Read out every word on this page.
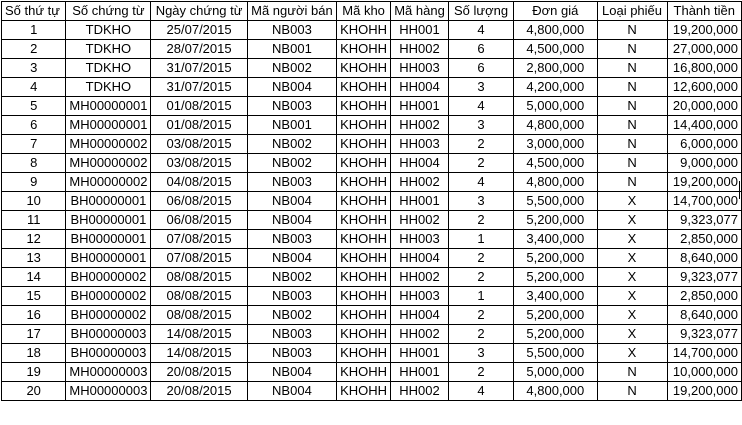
Số thứ tự	Số chứng từ	Ngày chứng từ	Mã người bán	Mã kho	Mã hàng	Số lượng	Đơn giá	Loại phiếu	Thành tiền
1	TDKHO	25/07/2015	NB003	KHOHH	HH001	4	4,800,000	N	19,200,000
2	TDKHO	28/07/2015	NB001	KHOHH	HH002	6	4,500,000	N	27,000,000
3	TDKHO	31/07/2015	NB002	KHOHH	HH003	6	2,800,000	N	16,800,000
4	TDKHO	31/07/2015	NB004	KHOHH	HH004	3	4,200,000	N	12,600,000
5	MH00000001	01/08/2015	NB003	KHOHH	HH001	4	5,000,000	N	20,000,000
6	MH00000001	01/08/2015	NB001	KHOHH	HH002	3	4,800,000	N	14,400,000
7	MH00000002	03/08/2015	NB002	KHOHH	HH003	2	3,000,000	N	6,000,000
8	MH00000002	03/08/2015	NB002	KHOHH	HH004	2	4,500,000	N	9,000,000
9	MH00000002	04/08/2015	NB003	KHOHH	HH002	4	4,800,000	N	19,200,000
10	BH00000001	06/08/2015	NB004	KHOHH	HH001	3	5,500,000	X	14,700,000
11	BH00000001	06/08/2015	NB004	KHOHH	HH002	2	5,200,000	X	9,323,077
12	BH00000001	07/08/2015	NB003	KHOHH	HH003	1	3,400,000	X	2,850,000
13	BH00000001	07/08/2015	NB004	KHOHH	HH004	2	5,200,000	X	8,640,000
14	BH00000002	08/08/2015	NB002	KHOHH	HH002	2	5,200,000	X	9,323,077
15	BH00000002	08/08/2015	NB003	KHOHH	HH003	1	3,400,000	X	2,850,000
16	BH00000002	08/08/2015	NB002	KHOHH	HH004	2	5,200,000	X	8,640,000
17	BH00000003	14/08/2015	NB003	KHOHH	HH002	2	5,200,000	X	9,323,077
18	BH00000003	14/08/2015	NB003	KHOHH	HH001	3	5,500,000	X	14,700,000
19	MH00000003	20/08/2015	NB004	KHOHH	HH001	2	5,000,000	N	10,000,000
20	MH00000003	20/08/2015	NB004	KHOHH	HH002	4	4,800,000	N	19,200,000
